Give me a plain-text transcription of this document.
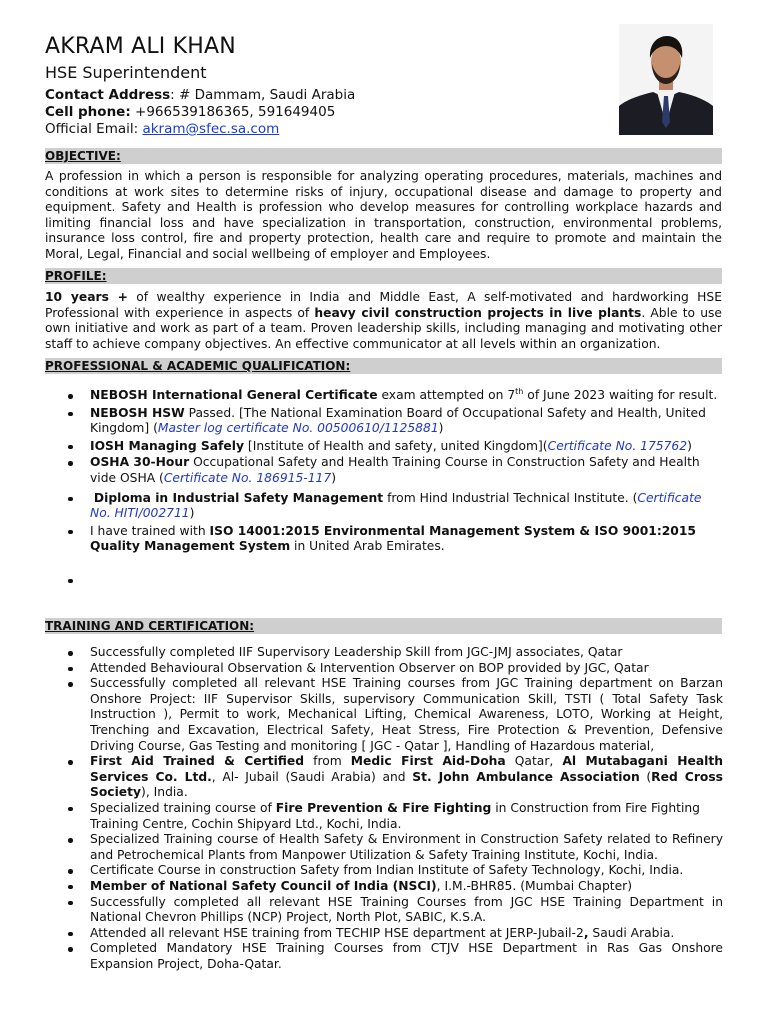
AKRAM ALI KHAN
HSE Superintendent
Contact Address: # Dammam, Saudi Arabia
Cell phone: +966539186365, 591649405
Official Email: akram@sfec.sa.com
OBJECTIVE:
A profession in which a person is responsible for analyzing operating procedures, materials, machines and conditions at work sites to determine risks of injury, occupational disease and damage to property and equipment. Safety and Health is profession who develop measures for controlling workplace hazards and limiting financial loss and have specialization in transportation, construction, environmental problems, insurance loss control, fire and property protection, health care and require to promote and maintain the Moral, Legal, Financial and social wellbeing of employer and Employees.
PROFILE:
10 years + of wealthy experience in India and Middle East, A self-motivated and hardworking HSE Professional with experience in aspects of heavy civil construction projects in live plants. Able to use own initiative and work as part of a team. Proven leadership skills, including managing and motivating other staff to achieve company objectives. An effective communicator at all levels within an organization.
PROFESSIONAL & ACADEMIC QUALIFICATION:
NEBOSH International General Certificate exam attempted on 7th of June 2023 waiting for result.
NEBOSH HSW Passed. [The National Examination Board of Occupational Safety and Health, United Kingdom] (Master log certificate No. 00500610/1125881)
IOSH Managing Safely [Institute of Health and safety, united Kingdom](Certificate No. 175762)
OSHA 30-Hour Occupational Safety and Health Training Course in Construction Safety and Health vide OSHA (Certificate No. 186915-117)
Diploma in Industrial Safety Management from Hind Industrial Technical Institute. (Certificate No. HITI/002711)
I have trained with ISO 14001:2015 Environmental Management System & ISO 9001:2015 Quality Management System in United Arab Emirates.

TRAINING AND CERTIFICATION:
Successfully completed IIF Supervisory Leadership Skill from JGC-JMJ associates, Qatar
Attended Behavioural Observation & Intervention Observer on BOP provided by JGC, Qatar
Successfully completed all relevant HSE Training courses from JGC Training department on Barzan Onshore Project: IIF Supervisor Skills, supervisory Communication Skill, TSTI ( Total Safety Task Instruction ), Permit to work, Mechanical Lifting, Chemical Awareness, LOTO, Working at Height, Trenching and Excavation, Electrical Safety, Heat Stress, Fire Protection & Prevention, Defensive Driving Course, Gas Testing and monitoring [ JGC - Qatar ], Handling of Hazardous material,
First Aid Trained & Certified from Medic First Aid-Doha Qatar, Al Mutabagani Health Services Co. Ltd., Al- Jubail (Saudi Arabia) and St. John Ambulance Association (Red Cross Society), India.
Specialized training course of Fire Prevention & Fire Fighting in Construction from Fire Fighting Training Centre, Cochin Shipyard Ltd., Kochi, India.
Specialized Training course of Health Safety & Environment in Construction Safety related to Refinery and Petrochemical Plants from Manpower Utilization & Safety Training Institute, Kochi, India.
Certificate Course in construction Safety from Indian Institute of Safety Technology, Kochi, India.
Member of National Safety Council of India (NSCI), I.M.-BHR85. (Mumbai Chapter)
Successfully completed all relevant HSE Training Courses from JGC HSE Training Department in National Chevron Phillips (NCP) Project, North Plot, SABIC, K.S.A.
Attended all relevant HSE training from TECHIP HSE department at JERP-Jubail-2, Saudi Arabia.
Completed Mandatory HSE Training Courses from CTJV HSE Department in Ras Gas Onshore Expansion Project, Doha-Qatar.
